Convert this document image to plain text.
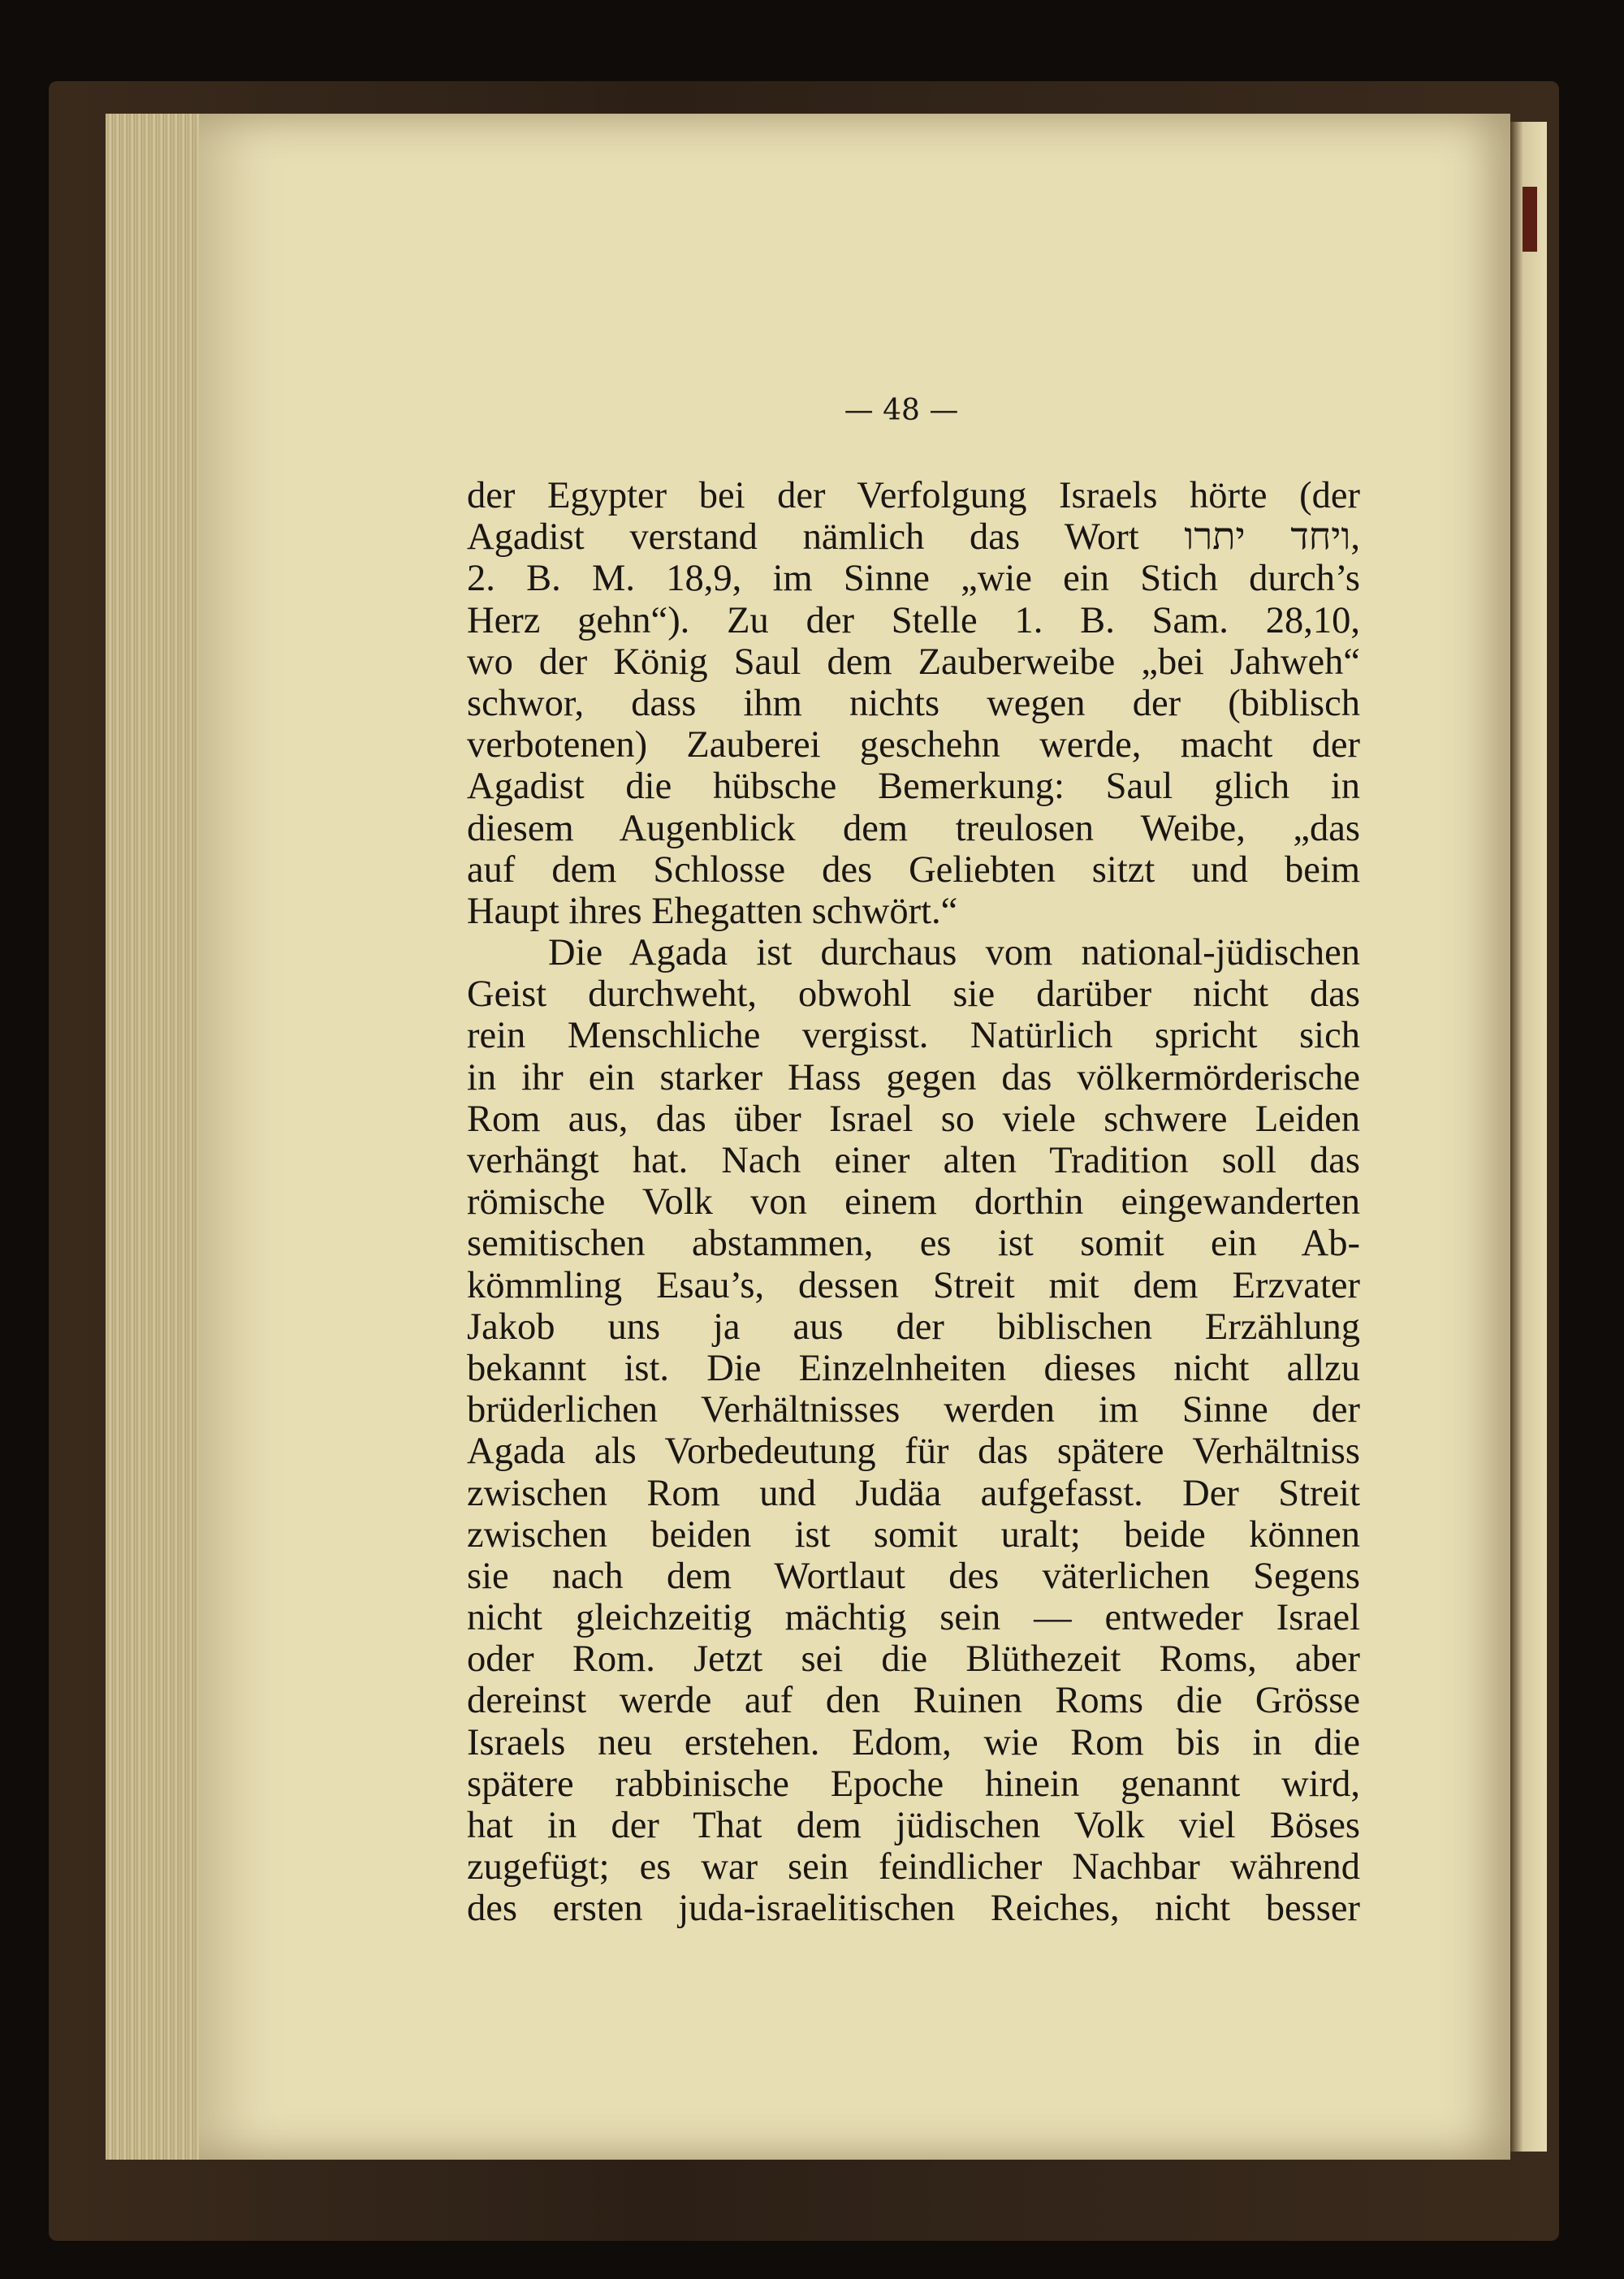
— 48 —
der Egypter bei der Verfolgung Israels hörte (der
Agadist verstand nämlich das Wort ויחד יתרו,
2. B. M. 18,9, im Sinne „wie ein Stich durch’s
Herz gehn“). Zu der Stelle 1. B. Sam. 28,10,
wo der König Saul dem Zauberweibe „bei Jahweh“
schwor, dass ihm nichts wegen der (biblisch
verbotenen) Zauberei geschehn werde, macht der
Agadist die hübsche Bemerkung: Saul glich in
diesem Augenblick dem treulosen Weibe, „das
auf dem Schlosse des Geliebten sitzt und beim
Haupt ihres Ehegatten schwört.“
Die Agada ist durchaus vom national-jüdischen
Geist durchweht, obwohl sie darüber nicht das
rein Menschliche vergisst. Natürlich spricht sich
in ihr ein starker Hass gegen das völkermörderische
Rom aus, das über Israel so viele schwere Leiden
verhängt hat. Nach einer alten Tradition soll das
römische Volk von einem dorthin eingewanderten
semitischen abstammen, es ist somit ein Ab-
kömmling Esau’s, dessen Streit mit dem Erzvater
Jakob uns ja aus der biblischen Erzählung
bekannt ist. Die Einzelnheiten dieses nicht allzu
brüderlichen Verhältnisses werden im Sinne der
Agada als Vorbedeutung für das spätere Verhältniss
zwischen Rom und Judäa aufgefasst. Der Streit
zwischen beiden ist somit uralt; beide können
sie nach dem Wortlaut des väterlichen Segens
nicht gleichzeitig mächtig sein — entweder Israel
oder Rom. Jetzt sei die Blüthezeit Roms, aber
dereinst werde auf den Ruinen Roms die Grösse
Israels neu erstehen. Edom, wie Rom bis in die
spätere rabbinische Epoche hinein genannt wird,
hat in der That dem jüdischen Volk viel Böses
zugefügt; es war sein feindlicher Nachbar während
des ersten juda-israelitischen Reiches, nicht besser
